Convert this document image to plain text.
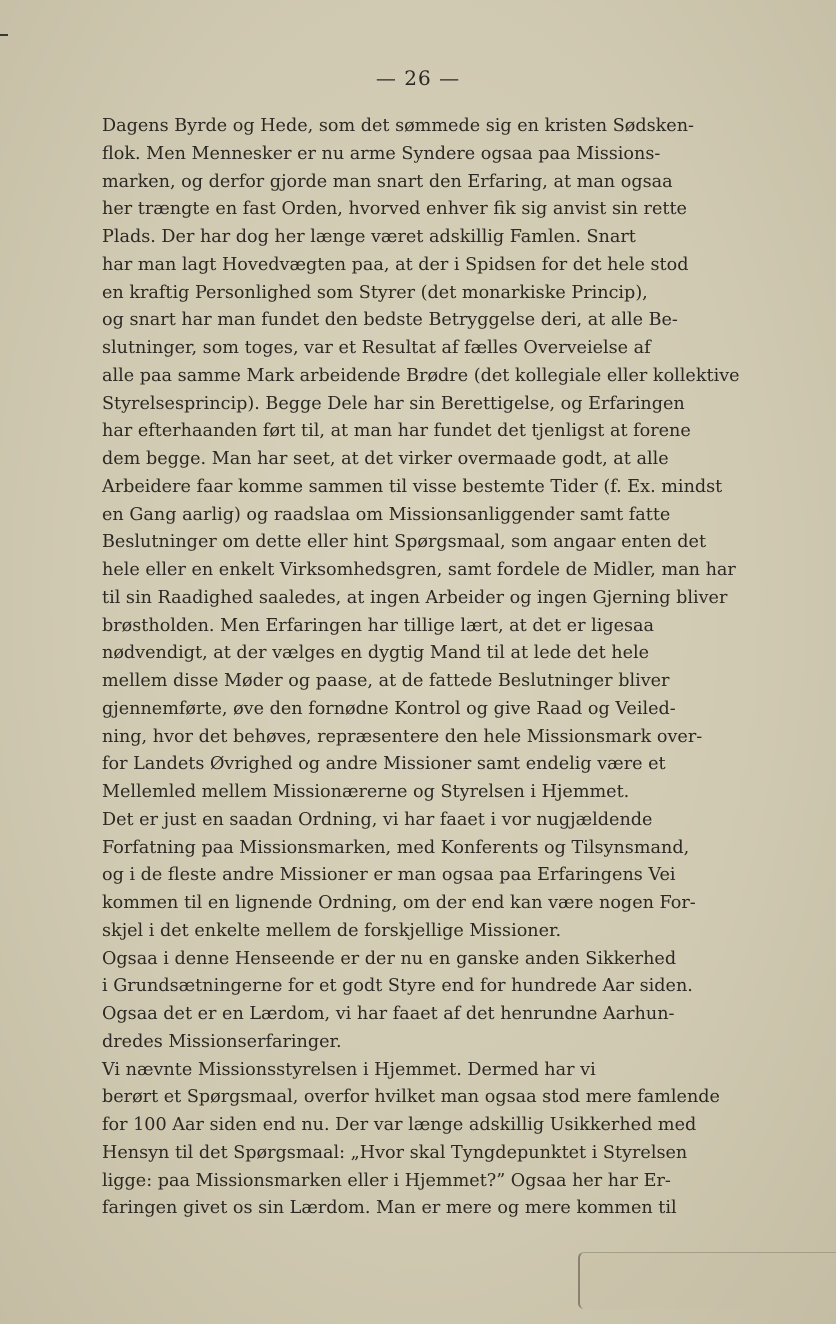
— 26 —
Dagens Byrde og Hede, som det sømmede sig en kristen Sødsken-
flok. Men Mennesker er nu arme Syndere ogsaa paa Missions-
marken, og derfor gjorde man snart den Erfaring, at man ogsaa
her trængte en fast Orden, hvorved enhver fik sig anvist sin rette
Plads. Der har dog her længe været adskillig Famlen. Snart
har man lagt Hovedvægten paa, at der i Spidsen for det hele stod
en kraftig Personlighed som Styrer (det monarkiske Princip),
og snart har man fundet den bedste Betryggelse deri, at alle Be-
slutninger, som toges, var et Resultat af fælles Overveielse af
alle paa samme Mark arbeidende Brødre (det kollegiale eller kollektive
Styrelsesprincip). Begge Dele har sin Berettigelse, og Erfaringen
har efterhaanden ført til, at man har fundet det tjenligst at forene
dem begge. Man har seet, at det virker overmaade godt, at alle
Arbeidere faar komme sammen til visse bestemte Tider (f. Ex. mindst
en Gang aarlig) og raadslaa om Missionsanliggender samt fatte
Beslutninger om dette eller hint Spørgsmaal, som angaar enten det
hele eller en enkelt Virksomhedsgren, samt fordele de Midler, man har
til sin Raadighed saaledes, at ingen Arbeider og ingen Gjerning bliver
brøstholden. Men Erfaringen har tillige lært, at det er ligesaa
nødvendigt, at der vælges en dygtig Mand til at lede det hele
mellem disse Møder og paase, at de fattede Beslutninger bliver
gjennemførte, øve den fornødne Kontrol og give Raad og Veiled-
ning, hvor det behøves, repræsentere den hele Missionsmark over-
for Landets Øvrighed og andre Missioner samt endelig være et
Mellemled mellem Missionærerne og Styrelsen i Hjemmet.
Det er just en saadan Ordning, vi har faaet i vor nugjældende
Forfatning paa Missionsmarken, med Konferents og Tilsynsmand,
og i de fleste andre Missioner er man ogsaa paa Erfaringens Vei
kommen til en lignende Ordning, om der end kan være nogen For-
skjel i det enkelte mellem de forskjellige Missioner.
Ogsaa i denne Henseende er der nu en ganske anden Sikkerhed
i Grundsætningerne for et godt Styre end for hundrede Aar siden.
Ogsaa det er en Lærdom, vi har faaet af det henrundne Aarhun-
dredes Missionserfaringer.
Vi nævnte Missionsstyrelsen i Hjemmet. Dermed har vi
berørt et Spørgsmaal, overfor hvilket man ogsaa stod mere famlende
for 100 Aar siden end nu. Der var længe adskillig Usikkerhed med
Hensyn til det Spørgsmaal: „Hvor skal Tyngdepunktet i Styrelsen
ligge: paa Missionsmarken eller i Hjemmet?” Ogsaa her har Er-
faringen givet os sin Lærdom. Man er mere og mere kommen til
